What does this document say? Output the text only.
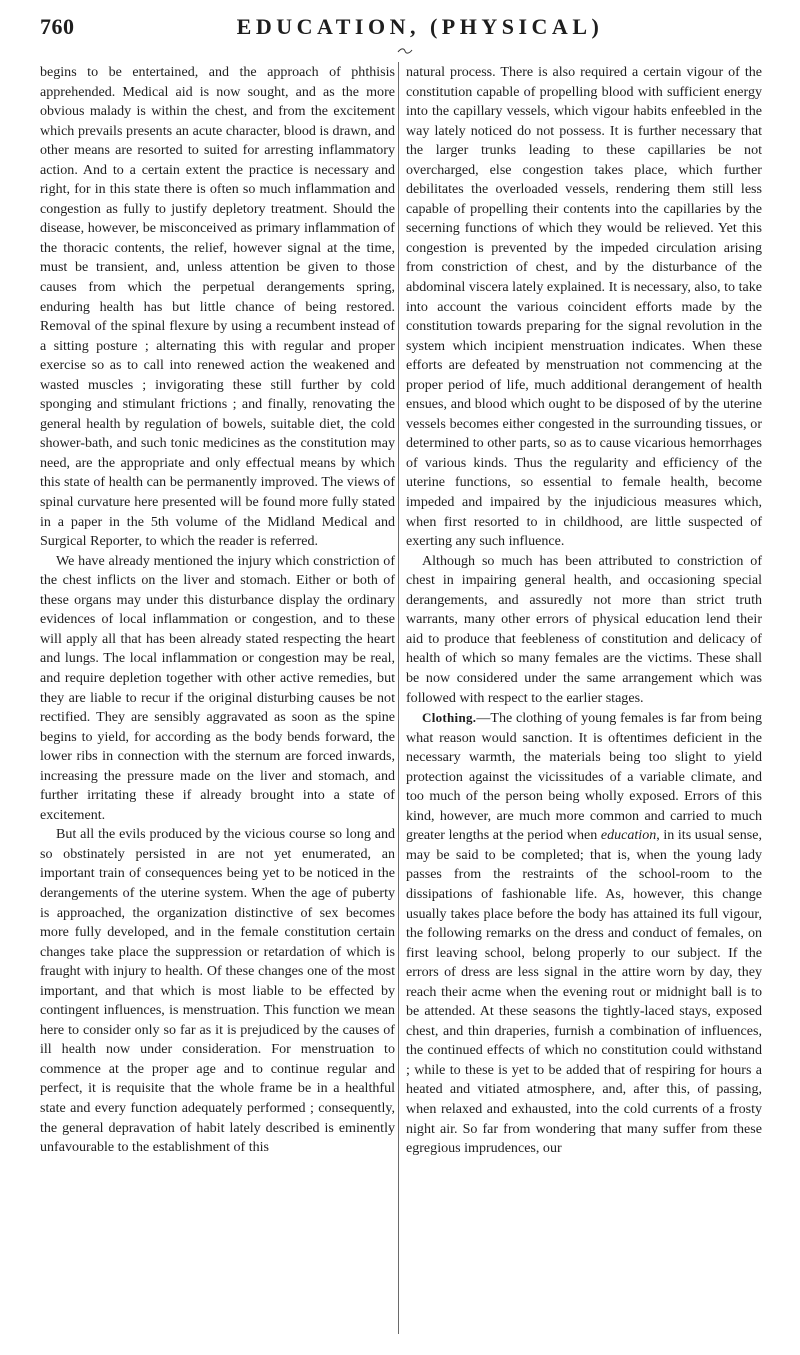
760	EDUCATION, (PHYSICAL)

begins to be entertained, and the approach of phthisis apprehended. Medical aid is now sought, and as the more obvious malady is within the chest, and from the excitement which prevails presents an acute character, blood is drawn, and other means are resorted to suited for arresting inflammatory action. And to a certain extent the practice is necessary and right, for in this state there is often so much inflammation and congestion as fully to justify depletory treatment. Should the disease, however, be misconceived as primary inflammation of the thoracic contents, the relief, however signal at the time, must be transient, and, unless attention be given to those causes from which the perpetual derangements spring, enduring health has but little chance of being restored. Removal of the spinal flexure by using a recumbent instead of a sitting posture ; alternating this with regular and proper exercise so as to call into renewed action the weakened and wasted muscles ; invigorating these still further by cold sponging and stimulant frictions ; and finally, renovating the general health by regulation of bowels, suitable diet, the cold shower-bath, and such tonic medicines as the constitution may need, are the appropriate and only effectual means by which this state of health can be permanently improved. The views of spinal curvature here presented will be found more fully stated in a paper in the 5th volume of the Midland Medical and Surgical Reporter, to which the reader is referred.

We have already mentioned the injury which constriction of the chest inflicts on the liver and stomach. Either or both of these organs may under this disturbance display the ordinary evidences of local inflammation or congestion, and to these will apply all that has been already stated respecting the heart and lungs. The local inflammation or congestion may be real, and require depletion together with other active remedies, but they are liable to recur if the original disturbing causes be not rectified. They are sensibly aggravated as soon as the spine begins to yield, for according as the body bends forward, the lower ribs in connection with the sternum are forced inwards, increasing the pressure made on the liver and stomach, and further irritating these if already brought into a state of excitement.

But all the evils produced by the vicious course so long and so obstinately persisted in are not yet enumerated, an important train of consequences being yet to be noticed in the derangements of the uterine system. When the age of puberty is approached, the organization distinctive of sex becomes more fully developed, and in the female constitution certain changes take place the suppression or retardation of which is fraught with injury to health. Of these changes one of the most important, and that which is most liable to be effected by contingent influences, is menstruation. This function we mean here to consider only so far as it is prejudiced by the causes of ill health now under consideration. For menstruation to commence at the proper age and to continue regular and perfect, it is requisite that the whole frame be in a healthful state and every function adequately performed ; consequently, the general depravation of habit lately described is eminently unfavourable to the establishment of this

natural process. There is also required a certain vigour of the constitution capable of propelling blood with sufficient energy into the capillary vessels, which vigour habits enfeebled in the way lately noticed do not possess. It is further necessary that the larger trunks leading to these capillaries be not overcharged, else congestion takes place, which further debilitates the overloaded vessels, rendering them still less capable of propelling their contents into the capillaries by the secerning functions of which they would be relieved. Yet this congestion is prevented by the impeded circulation arising from constriction of chest, and by the disturbance of the abdominal viscera lately explained. It is necessary, also, to take into account the various coincident efforts made by the constitution towards preparing for the signal revolution in the system which incipient menstruation indicates. When these efforts are defeated by menstruation not commencing at the proper period of life, much additional derangement of health ensues, and blood which ought to be disposed of by the uterine vessels becomes either congested in the surrounding tissues, or determined to other parts, so as to cause vicarious hemorrhages of various kinds. Thus the regularity and efficiency of the uterine functions, so essential to female health, become impeded and impaired by the injudicious measures which, when first resorted to in childhood, are little suspected of exerting any such influence.

Although so much has been attributed to constriction of chest in impairing general health, and occasioning special derangements, and assuredly not more than strict truth warrants, many other errors of physical education lend their aid to produce that feebleness of constitution and delicacy of health of which so many females are the victims. These shall be now considered under the same arrangement which was followed with respect to the earlier stages.

Clothing.—The clothing of young females is far from being what reason would sanction. It is oftentimes deficient in the necessary warmth, the materials being too slight to yield protection against the vicissitudes of a variable climate, and too much of the person being wholly exposed. Errors of this kind, however, are much more common and carried to much greater lengths at the period when education, in its usual sense, may be said to be completed; that is, when the young lady passes from the restraints of the school-room to the dissipations of fashionable life. As, however, this change usually takes place before the body has attained its full vigour, the following remarks on the dress and conduct of females, on first leaving school, belong properly to our subject. If the errors of dress are less signal in the attire worn by day, they reach their acme when the evening rout or midnight ball is to be attended. At these seasons the tightly-laced stays, exposed chest, and thin draperies, furnish a combination of influences, the continued effects of which no constitution could withstand ; while to these is yet to be added that of respiring for hours a heated and vitiated atmosphere, and, after this, of passing, when relaxed and exhausted, into the cold currents of a frosty night air. So far from wondering that many suffer from these egregious imprudences, our
